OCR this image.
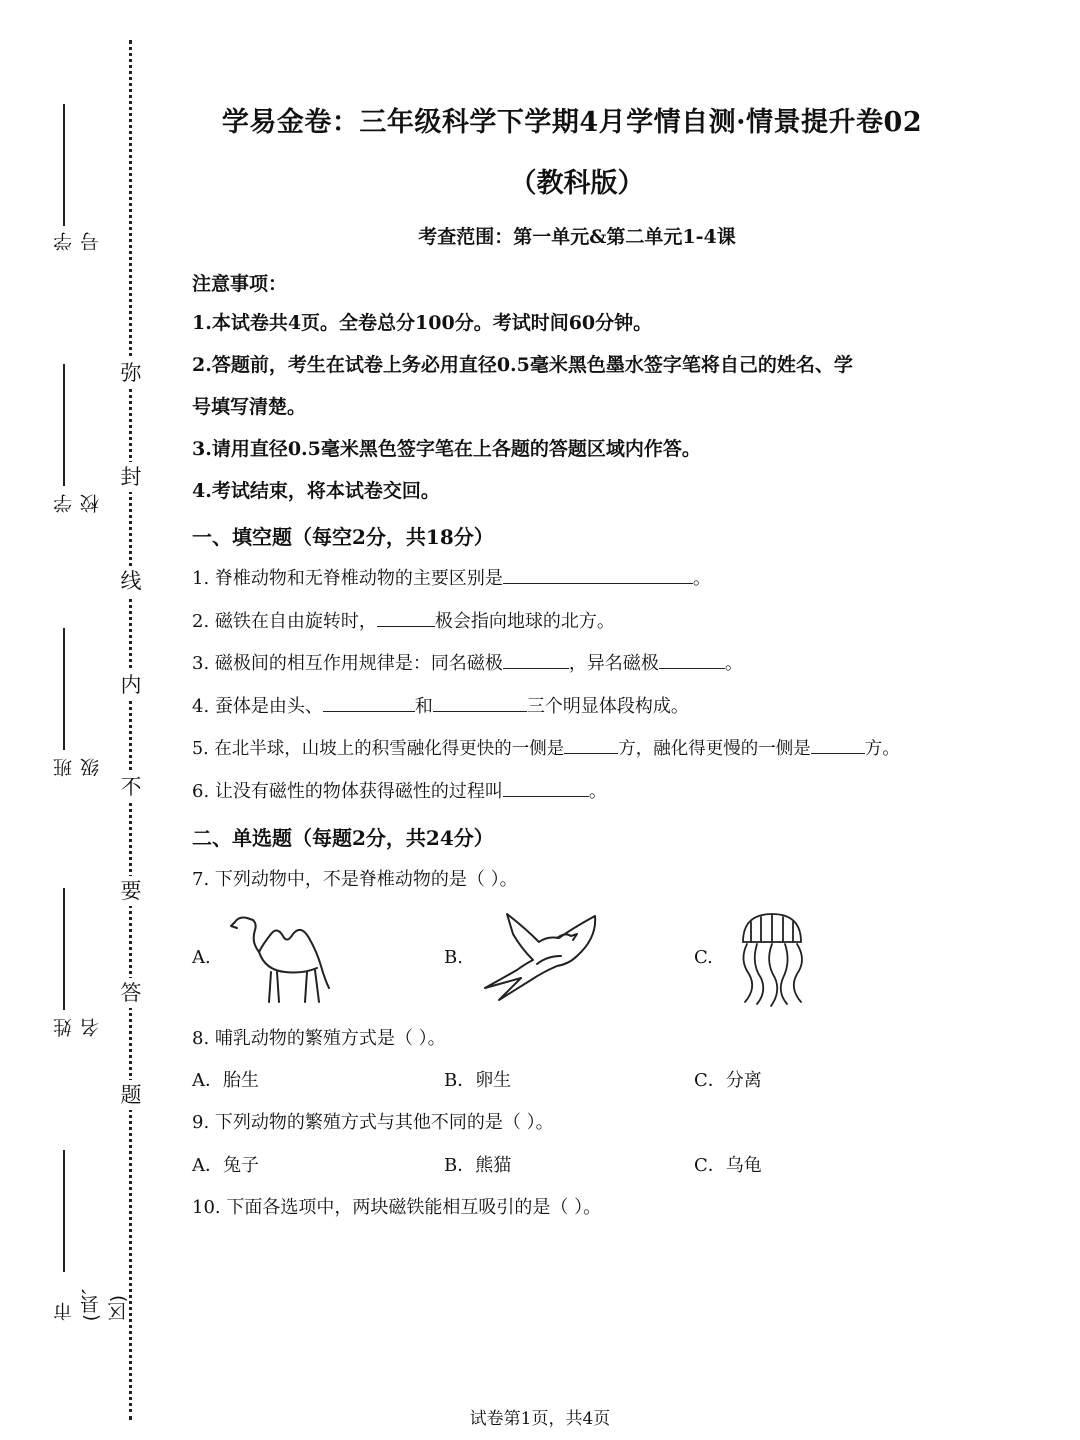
弥
封
线
内
不
要
答
题
学号
学校
班级
姓名
市(县、区)
学易金卷：三年级科学下学期4月学情自测·情景提升卷02
（教科版）
考查范围：第一单元&第二单元1-4课
注意事项：
1.本试卷共4页。全卷总分100分。考试时间60分钟。
2.答题前，考生在试卷上务必用直径0.5毫米黑色墨水签字笔将自己的姓名、学
号填写清楚。
3.请用直径0.5毫米黑色签字笔在上各题的答题区域内作答。
4.考试结束，将本试卷交回。
一、填空题（每空2分，共18分）
1. 脊椎动物和无脊椎动物的主要区别是	。
2. 磁铁在自由旋转时，	极会指向地球的北方。
3. 磁极间的相互作用规律是：同名磁极	，异名磁极	。
4. 蚕体是由头、	和	三个明显体段构成。
5. 在北半球，山坡上的积雪融化得更快的一侧是	方，融化得更慢的一侧是	方。
6. 让没有磁性的物体获得磁性的过程叫	。
二、单选题（每题2分，共24分）
7. 下列动物中，不是脊椎动物的是（ ）。
A.	B.	C.
8. 哺乳动物的繁殖方式是（ ）。
A．胎生	B．卵生	C．分离
9. 下列动物的繁殖方式与其他不同的是（ ）。
A．兔子	B．熊猫	C．乌龟
10. 下面各选项中，两块磁铁能相互吸引的是（ ）。
试卷第1页，共4页
